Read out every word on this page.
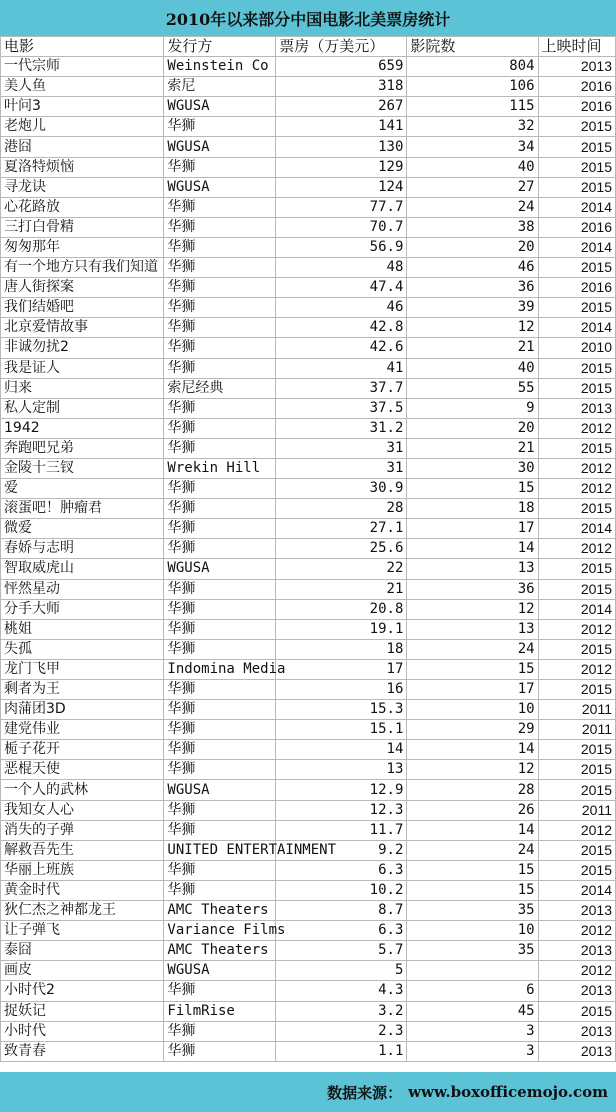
2010年以来部分中国电影北美票房统计
电影	发行方	票房（万美元）	影院数	上映时间
一代宗师	Weinstein Co	659	804	2013
美人鱼	索尼	318	106	2016
叶问3	WGUSA	267	115	2016
老炮儿	华狮	141	32	2015
港囧	WGUSA	130	34	2015
夏洛特烦恼	华狮	129	40	2015
寻龙诀	WGUSA	124	27	2015
心花路放	华狮	77.7	24	2014
三打白骨精	华狮	70.7	38	2016
匆匆那年	华狮	56.9	20	2014
有一个地方只有我们知道	华狮	48	46	2015
唐人街探案	华狮	47.4	36	2016
我们结婚吧	华狮	46	39	2015
北京爱情故事	华狮	42.8	12	2014
非诚勿扰2	华狮	42.6	21	2010
我是证人	华狮	41	40	2015
归来	索尼经典	37.7	55	2015
私人定制	华狮	37.5	9	2013
1942	华狮	31.2	20	2012
奔跑吧兄弟	华狮	31	21	2015
金陵十三钗	Wrekin Hill	31	30	2012
爱	华狮	30.9	15	2012
滚蛋吧！肿瘤君	华狮	28	18	2015
微爱	华狮	27.1	17	2014
春娇与志明	华狮	25.6	14	2012
智取威虎山	WGUSA	22	13	2015
怦然星动	华狮	21	36	2015
分手大师	华狮	20.8	12	2014
桃姐	华狮	19.1	13	2012
失孤	华狮	18	24	2015
龙门飞甲	Indomina Media	17	15	2012
剩者为王	华狮	16	17	2015
肉蒲团3D	华狮	15.3	10	2011
建党伟业	华狮	15.1	29	2011
栀子花开	华狮	14	14	2015
恶棍天使	华狮	13	12	2015
一个人的武林	WGUSA	12.9	28	2015
我知女人心	华狮	12.3	26	2011
消失的子弹	华狮	11.7	14	2012
解救吾先生	UNITED ENTERTAINMENT	9.2	24	2015
华丽上班族	华狮	6.3	15	2015
黄金时代	华狮	10.2	15	2014
狄仁杰之神都龙王	AMC Theaters	8.7	35	2013
让子弹飞	Variance Films	6.3	10	2012
泰囧	AMC Theaters	5.7	35	2013
画皮	WGUSA	5		2012
小时代2	华狮	4.3	6	2013
捉妖记	FilmRise	3.2	45	2015
小时代	华狮	2.3	3	2013
致青春	华狮	1.1	3	2013
数据来源： www.boxofficemojo.com
